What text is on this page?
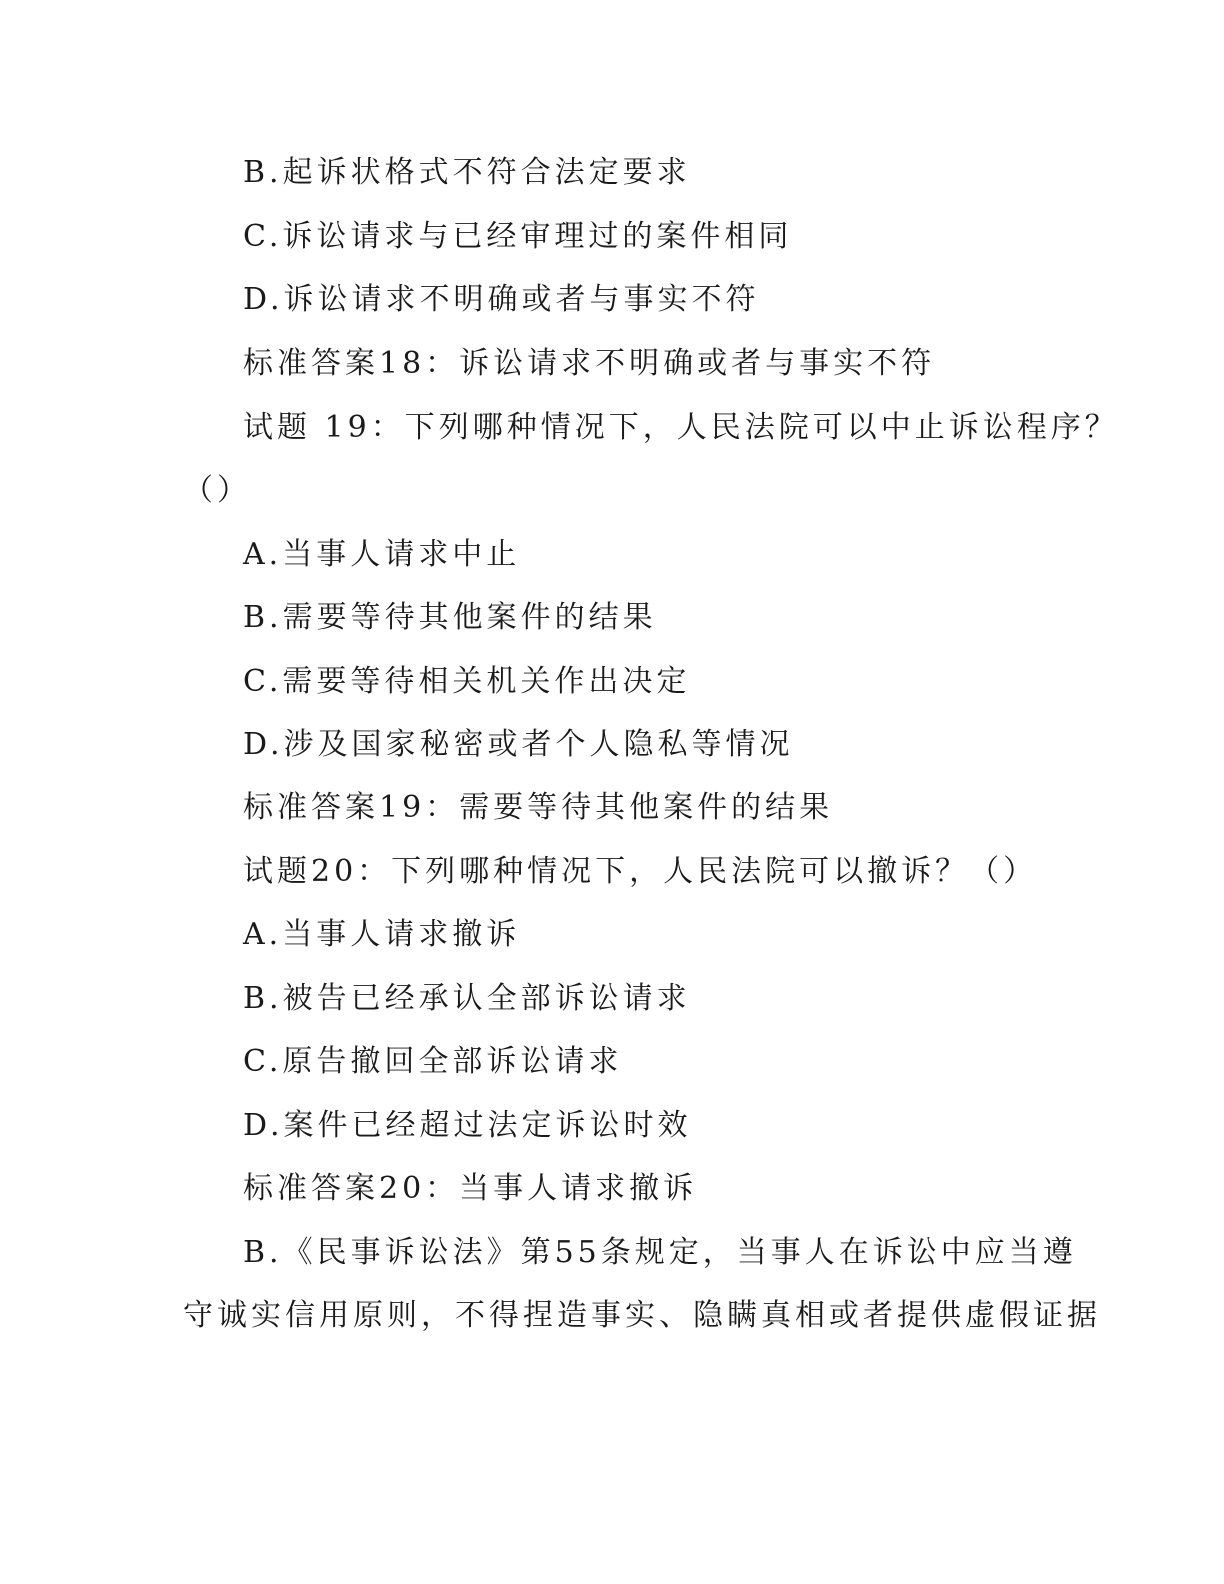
B.起诉状格式不符合法定要求
C.诉讼请求与已经审理过的案件相同
D.诉讼请求不明确或者与事实不符
标准答案18：诉讼请求不明确或者与事实不符
试题 19：下列哪种情况下，人民法院可以中止诉讼程序？
（）
A.当事人请求中止
B.需要等待其他案件的结果
C.需要等待相关机关作出决定
D.涉及国家秘密或者个人隐私等情况
标准答案19：需要等待其他案件的结果
试题20：下列哪种情况下，人民法院可以撤诉？（）
A.当事人请求撤诉
B.被告已经承认全部诉讼请求
C.原告撤回全部诉讼请求
D.案件已经超过法定诉讼时效
标准答案20：当事人请求撤诉
B.《民事诉讼法》第55条规定，当事人在诉讼中应当遵
守诚实信用原则，不得捏造事实、隐瞒真相或者提供虚假证据
